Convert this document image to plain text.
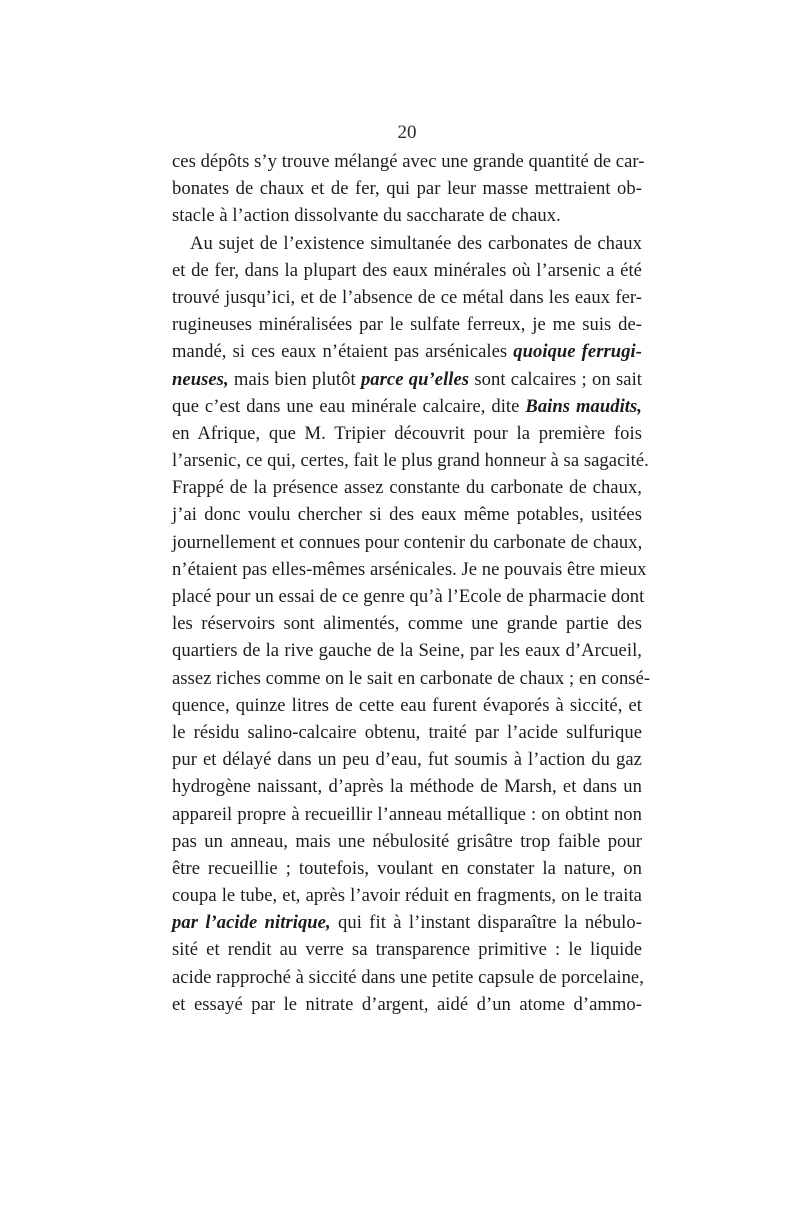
20
ces dépôts s’y trouve mélangé avec une grande quantité de car-
bonates de chaux et de fer, qui par leur masse mettraient ob-
stacle à l’action dissolvante du saccharate de chaux.
Au sujet de l’existence simultanée des carbonates de chaux
et de fer, dans la plupart des eaux minérales où l’arsenic a été
trouvé jusqu’ici, et de l’absence de ce métal dans les eaux fer-
rugineuses minéralisées par le sulfate ferreux, je me suis de-
mandé, si ces eaux n’étaient pas arsénicales quoique ferrugi-
neuses, mais bien plutôt parce qu’elles sont calcaires ; on sait
que c’est dans une eau minérale calcaire, dite Bains maudits,
en Afrique, que M. Tripier découvrit pour la première fois
l’arsenic, ce qui, certes, fait le plus grand honneur à sa sagacité.
Frappé de la présence assez constante du carbonate de chaux,
j’ai donc voulu chercher si des eaux même potables, usitées
journellement et connues pour contenir du carbonate de chaux,
n’étaient pas elles-mêmes arsénicales. Je ne pouvais être mieux
placé pour un essai de ce genre qu’à l’Ecole de pharmacie dont
les réservoirs sont alimentés, comme une grande partie des
quartiers de la rive gauche de la Seine, par les eaux d’Arcueil,
assez riches comme on le sait en carbonate de chaux ; en consé-
quence, quinze litres de cette eau furent évaporés à siccité, et
le résidu salino-calcaire obtenu, traité par l’acide sulfurique
pur et délayé dans un peu d’eau, fut soumis à l’action du gaz
hydrogène naissant, d’après la méthode de Marsh, et dans un
appareil propre à recueillir l’anneau métallique : on obtint non
pas un anneau, mais une nébulosité grisâtre trop faible pour
être recueillie ; toutefois, voulant en constater la nature, on
coupa le tube, et, après l’avoir réduit en fragments, on le traita
par l’acide nitrique, qui fit à l’instant disparaître la nébulo-
sité et rendit au verre sa transparence primitive : le liquide
acide rapproché à siccité dans une petite capsule de porcelaine,
et essayé par le nitrate d’argent, aidé d’un atome d’ammo-
